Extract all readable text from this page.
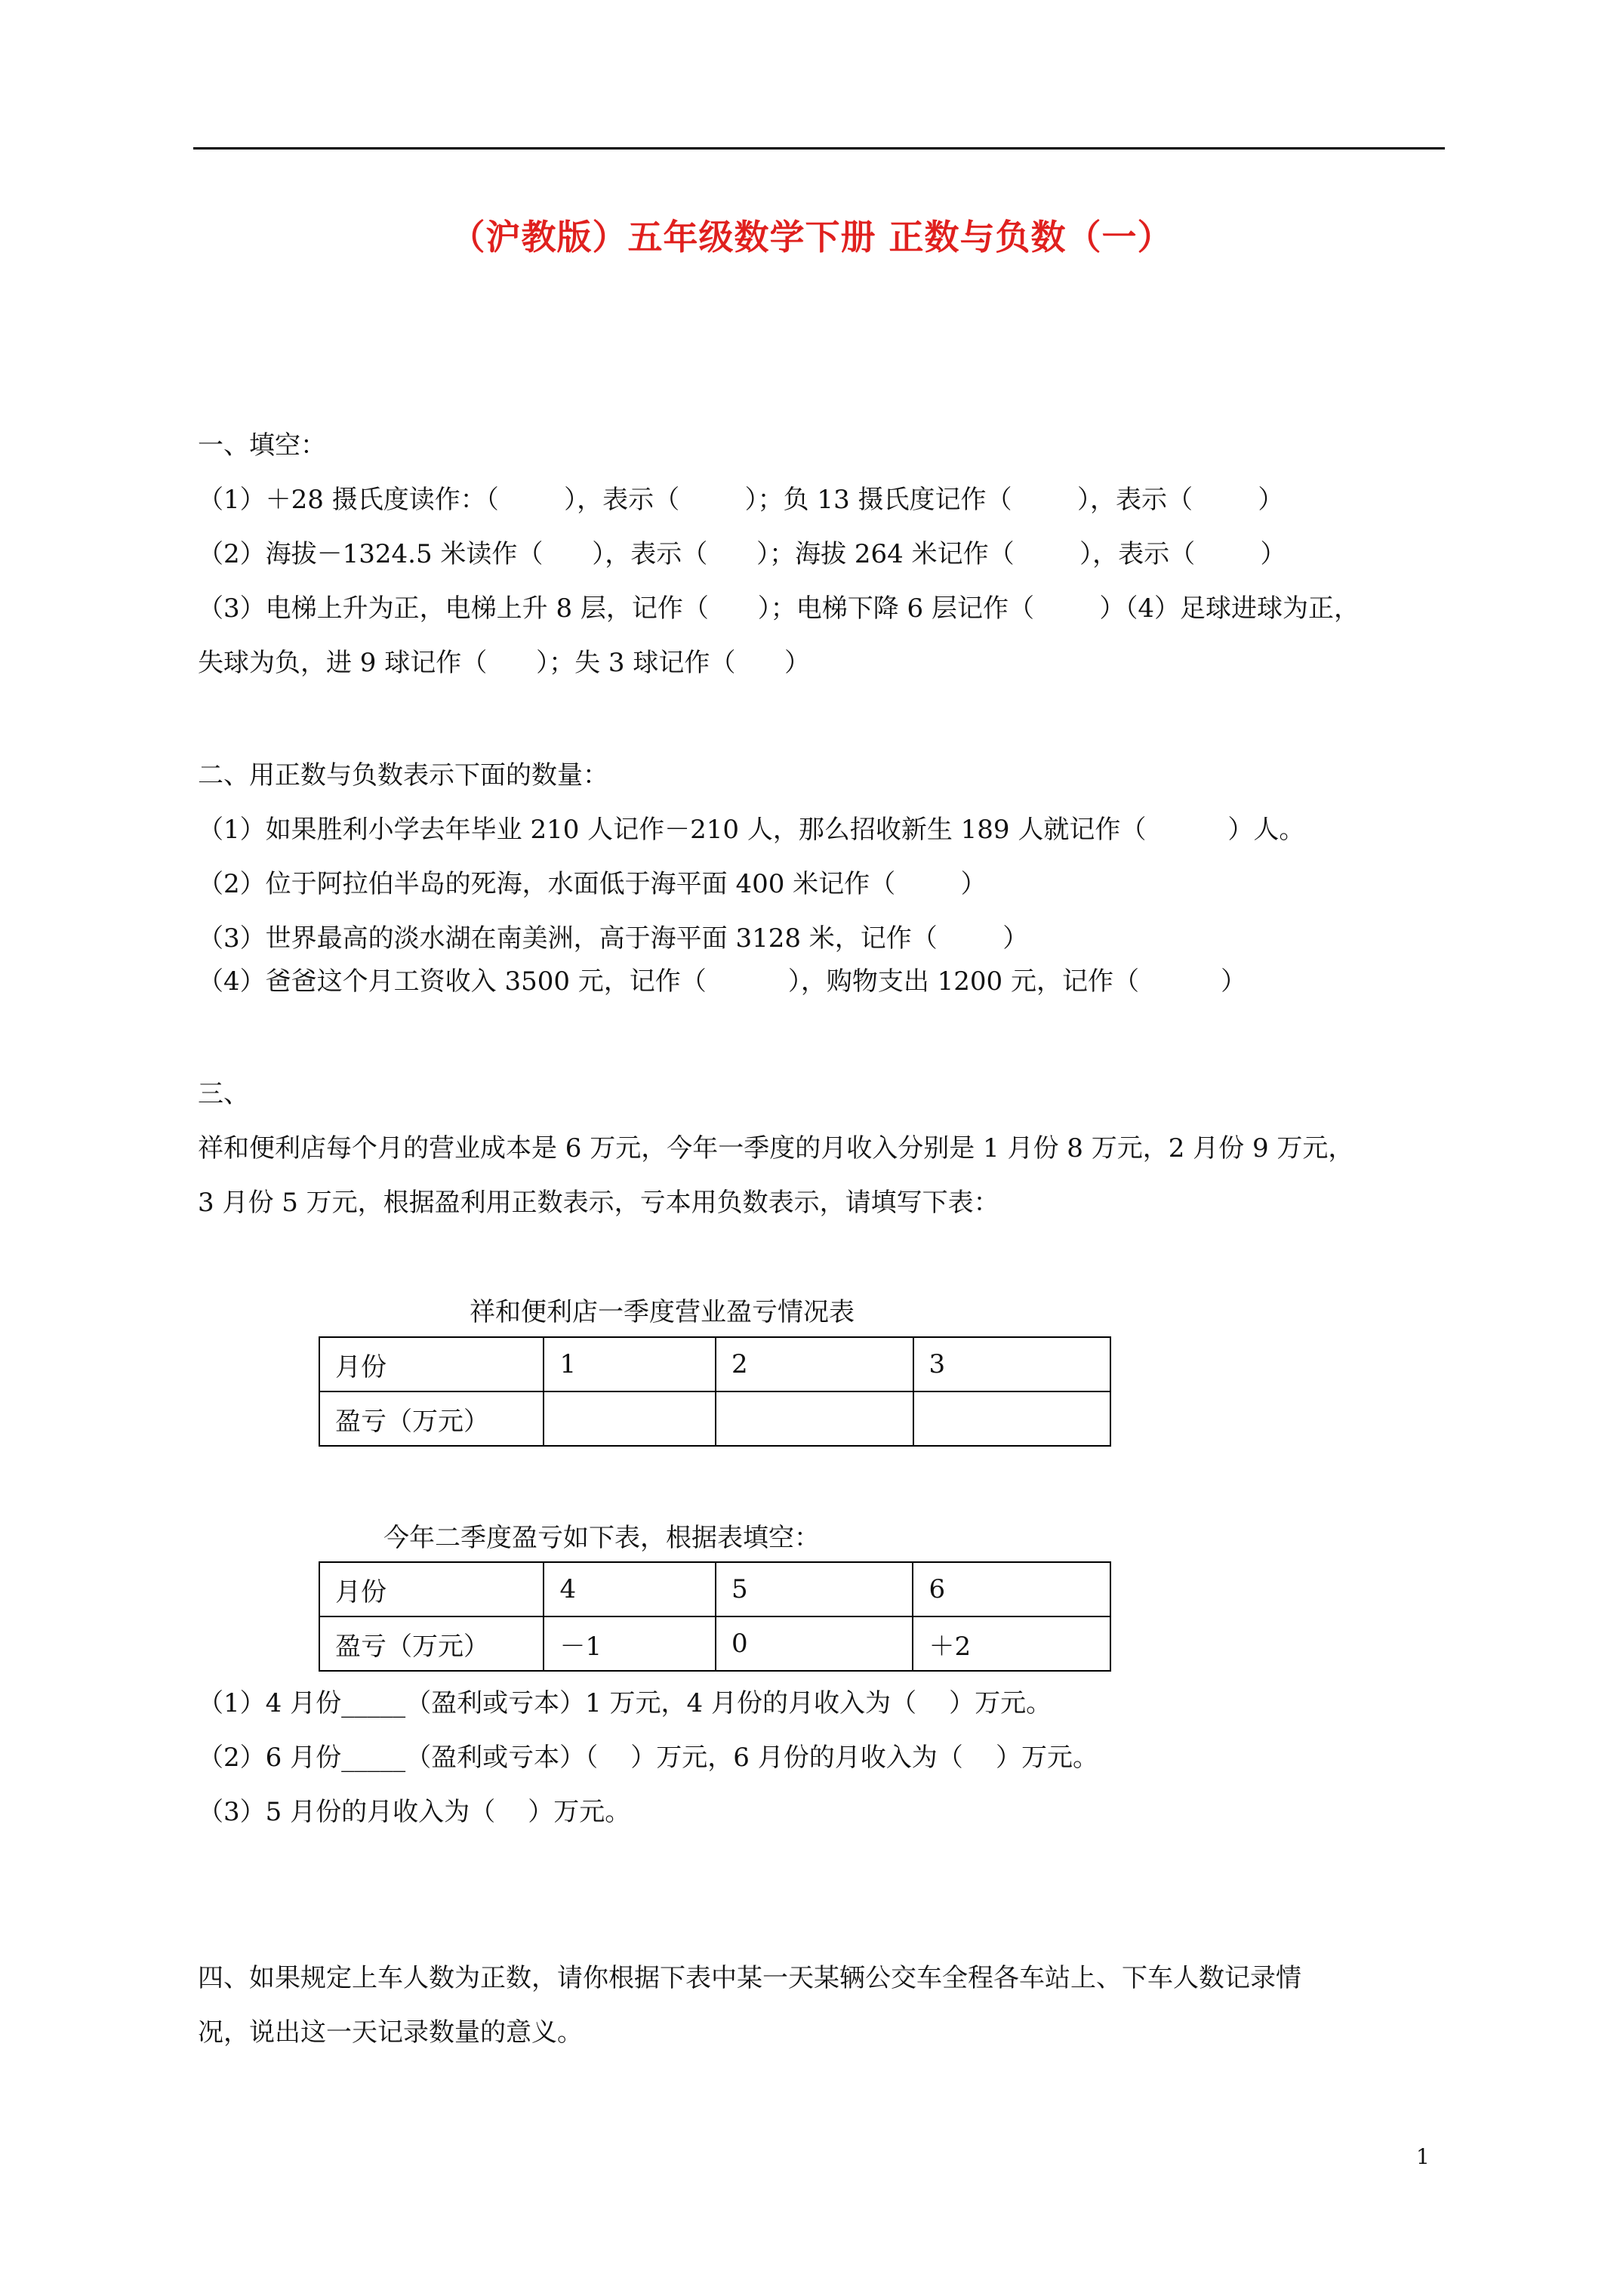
（沪教版）五年级数学下册 正数与负数（一）
一、填空：
（1）＋28 摄氏度读作：（        ），表示（        ）；负 13 摄氏度记作（        ），表示（        ）
（2）海拔－1324.5 米读作（      ），表示（      ）；海拔 264 米记作（        ），表示（        ）
（3）电梯上升为正，电梯上升 8 层，记作（      ）；电梯下降 6 层记作（        ）（4）足球进球为正，
失球为负，进 9 球记作（      ）；失 3 球记作（      ）
二、用正数与负数表示下面的数量：
（1）如果胜利小学去年毕业 210 人记作－210 人，那么招收新生 189 人就记作（          ）人。
（2）位于阿拉伯半岛的死海，水面低于海平面 400 米记作（        ）
（3）世界最高的淡水湖在南美洲，高于海平面 3128 米，记作（        ）
（4）爸爸这个月工资收入 3500 元，记作（          ），购物支出 1200 元，记作（          ）
三、
祥和便利店每个月的营业成本是 6 万元，今年一季度的月收入分别是 1 月份 8 万元，2 月份 9 万元，
3 月份 5 万元，根据盈利用正数表示，亏本用负数表示，请填写下表：
祥和便利店一季度营业盈亏情况表
月份	1	2	3
盈亏（万元）			
今年二季度盈亏如下表，根据表填空：
月份	4	5	6
盈亏（万元）	－1	0	＋2
（1）4 月份_____（盈利或亏本）1 万元，4 月份的月收入为（    ）万元。
（2）6 月份_____（盈利或亏本）（    ）万元，6 月份的月收入为（    ）万元。
（3）5 月份的月收入为（    ）万元。
四、如果规定上车人数为正数，请你根据下表中某一天某辆公交车全程各车站上、下车人数记录情
况，说出这一天记录数量的意义。
1
